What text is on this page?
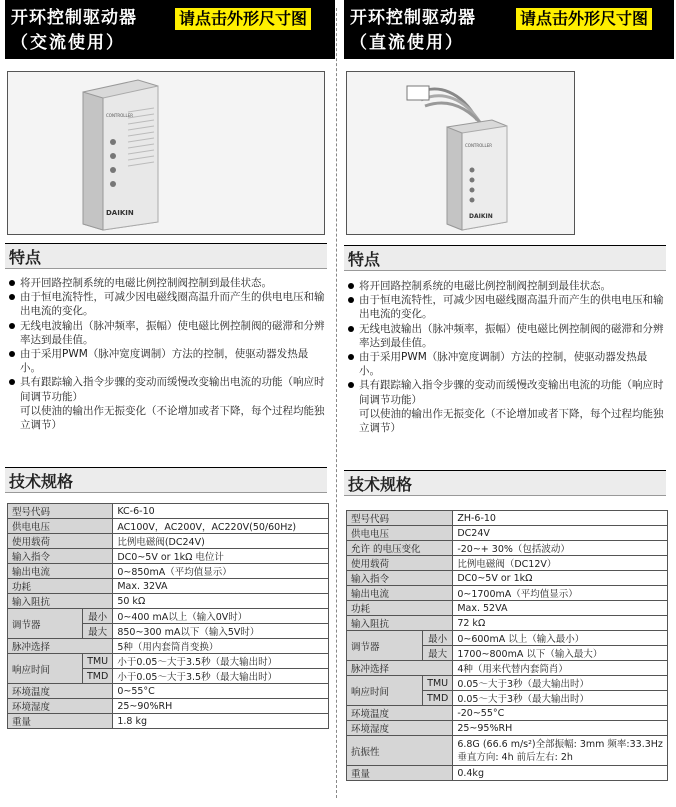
开环控制驱动器
（交流使用）
请点击外形尺寸图
CONTROLLER
DAIKIN
特点
将开回路控制系统的电磁比例控制阀控制到最佳状态。
由于恒电流特性，可减少因电磁线圈高温升而产生的供电电压和输出电流的变化。
无线电波输出（脉冲频率，振幅）使电磁比例控制阀的磁滞和分辨率达到最佳值。
由于采用PWM（脉冲宽度调制）方法的控制，使驱动器发热最小。
具有跟踪输入指令步骤的变动而缓慢改变输出电流的功能（响应时间调节功能）
可以使油的输出作无振变化（不论增加或者下降，每个过程均能独立调节）
技术规格
型号代码		KC-6-10
供电电压		AC100V，AC200V，AC220V(50/60Hz)
使用载荷		比例电磁阀(DC24V)
输入指令		DC0~5V or 1kΩ 电位计
输出电流		0~850mA（平均值显示）
功耗		Max. 32VA
输入阻抗		50 kΩ
调节器	最小	0~400 mA以上（输入0V时）
	最大	850~300 mA以下（输入5V时）
脉冲选择		5种（用内套筒肖变换）
响应时间	TMU	小于0.05～大于3.5秒（最大输出时）
	TMD	小于0.05～大于3.5秒（最大输出时）
环境温度		0~55°C
环境湿度		25~90%RH
重量		1.8 kg
开环控制驱动器
（直流使用）
请点击外形尺寸图
CONTROLLER
DAIKIN
特点
将开回路控制系统的电磁比例控制阀控制到最佳状态。
由于恒电流特性，可减少因电磁线圈高温升而产生的供电电压和输出电流的变化。
无线电波输出（脉冲频率，振幅）使电磁比例控制阀的磁滞和分辨率达到最佳值。
由于采用PWM（脉冲宽度调制）方法的控制，使驱动器发热最小。
具有跟踪输入指令步骤的变动而缓慢改变输出电流的功能（响应时间调节功能）
可以使油的输出作无振变化（不论增加或者下降，每个过程均能独立调节）
技术规格
型号代码		ZH-6-10
供电电压		DC24V
允许 的电压变化		-20~+ 30%（包括波动）
使用载荷		比例电磁阀（DC12V）
输入指令		DC0~5V or 1kΩ
输出电流		0~1700mA（平均值显示）
功耗		Max. 52VA
输入阻抗		72 kΩ
调节器	最小	0~600mA 以上（输入最小）
	最大	1700~800mA 以下（输入最大）
脉冲选择		4种（用来代替内套筒肖）
响应时间	TMU	0.05～大于3秒（最大输出时）
	TMD	0.05～大于3秒（最大输出时）
环境温度		-20~55°C
环境湿度		25~95%RH
抗振性		6.8G (66.6 m/s²)全部振幅: 3mm 频率:33.3Hz
垂直方向: 4h 前后左右: 2h

重量		0.4kg
